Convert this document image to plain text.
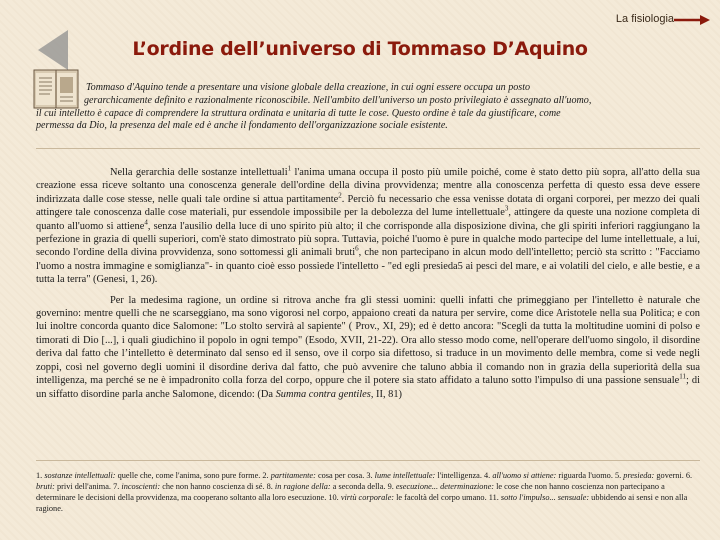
La fisiologia
L’ordine dell’universo di Tommaso D’Aquino
Tommaso d'Aquino tende a presentare una visione globale della creazione, in cui ogni essere occupa un posto
gerarchicamente definito e razionalmente riconoscibile. Nell'ambito dell'universo un posto privilegiato è assegnato all'uomo,
il cui intelletto è capace di comprendere la struttura ordinata e unitaria di tutte le cose. Questo ordine è tale da giustificare, come
permessa da Dio, la presenza del male ed è anche il fondamento dell'organizzazione sociale esistente.

Nella gerarchia delle sostanze intellettuali$^1$ l'anima umana occupa il posto più umile poiché, come è stato detto più sopra, all'atto della sua creazione essa riceve soltanto una conoscenza generale dell'ordine della divina provvidenza; mentre alla conoscenza perfetta di questo essa deve essere indirizzata dalle cose stesse, nelle quali tale ordine si attua partitamente$^2$. Perciò fu necessario che essa venisse dotata di organi corporei, per mezzo dei quali attingere tale conoscenza dalle cose materiali, pur essendole impossibile per la debolezza del lume intellettuale$^3$, attingere da queste una nozione completa di quanto all'uomo si attiene$^4$, senza l'ausilio della luce di uno spirito più alto; il che corrisponde alla disposizione divina, che gli spiriti inferiori raggiungano la perfezione in grazia di quelli superiori, com'è stato dimostrato più sopra. Tuttavia, poiché l'uomo è pure in qualche modo partecipe del lume intellettuale, a lui, secondo l'ordine della divina provvidenza, sono sottomessi gli animali bruti$^6$, che non partecipano in alcun modo dell'intelletto; perciò sta scritto : "Facciamo l'uomo a nostra immagine e somiglianza"- in quanto cioè esso possiede l'intelletto - "ed egli presieda5 ai pesci del mare, e ai volatili del cielo, e alle bestie, e a tutta la terra" (Genesi, 1, 26).

Per la medesima ragione, un ordine si ritrova anche fra gli stessi uomini: quelli infatti che primeggiano per l'intelletto è naturale che governino: mentre quelli che ne scarseggiano, ma sono vigorosi nel corpo, appaiono creati da natura per servire, come dice Aristotele nella sua Politica; e con lui inoltre concorda quanto dice Salomone: "Lo stolto servirà al sapiente" ( Prov., XI, 29); ed è detto ancora: "Scegli da tutta la moltitudine uomini di polso e timorati di Dio [...], i quali giudichino il popolo in ogni tempo" (Esodo, XVII, 21-22). Ora allo stesso modo come, nell'operare dell'uomo singolo, il disordine deriva dal fatto che l’intelletto è determinato dal senso ed il senso, ove il corpo sia difettoso, si traduce in un movimento delle membra, come si vede negli zoppi, così nel governo degli uomini il disordine deriva dal fatto, che può avvenire che taluno abbia il comando non in grazia della superiorità della sua intelligenza, ma perché se ne è impadronito colla forza del corpo, oppure che il potere sia stato affidato a taluno sotto l'impulso di una passione sensuale$^{11}$; di un siffatto disordine parla anche Salomone, dicendo: (Da Summa contra gentiles, II, 81)

1. sostanze intellettuali: quelle che, come l'anima, sono pure forme. 2. partitamente: cosa per cosa. 3. lume intellettuale: l'intelligenza. 4. all'uomo si attiene: riguarda l'uomo. 5. presieda: governi. 6. bruti: privi dell'anima. 7. incoscienti: che non hanno coscienza di sé. 8. in ragione della: a seconda della. 9. esecuzione... determinazione: le cose che non hanno coscienza non partecipano a determinare le decisioni della provvidenza, ma cooperano soltanto alla loro esecuzione. 10. virtù corporale: le facoltà del corpo umano. 11. sotto l'impulso... sensuale: ubbidendo ai sensi e non alla ragione.
